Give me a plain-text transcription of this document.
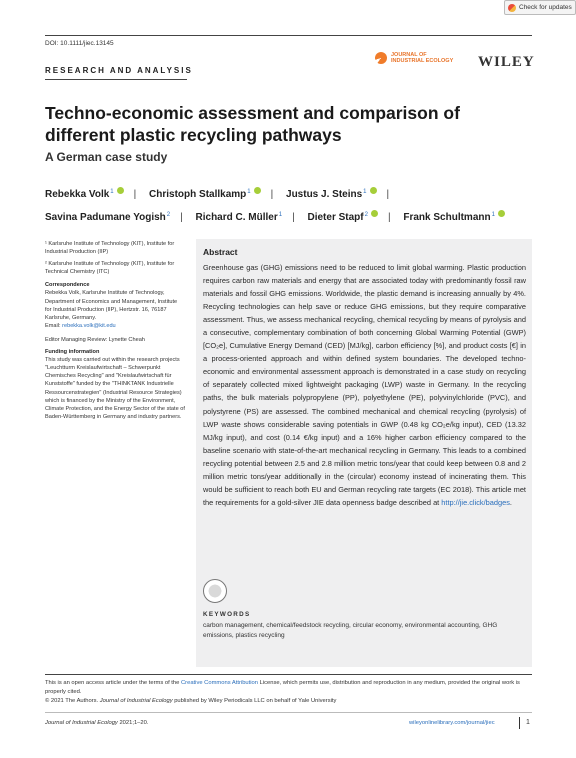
Check for updates
DOI: 10.1111/jiec.13145
JOURNAL OF
INDUSTRIAL ECOLOGY WILEY
RESEARCH AND ANALYSIS
Techno-economic assessment and comparison of different plastic recycling pathways
A German case study
Rebekka Volk 1 | Christoph Stallkamp 1 | Justus J. Steins 1 |

Savina Padumane Yogish 2 | Richard C. Müller 1 | Dieter Stapf 2 | Frank Schultmann 1

¹ Karlsruhe Institute of Technology (KIT), Institute for Industrial Production (IIP)

² Karlsruhe Institute of Technology (KIT), Institute for Technical Chemistry (ITC)

Correspondence

Rebekka Volk, Karlsruhe Institute of Technology, Department of Economics and Management, Institute for Industrial Production (IIP), Hertzstr. 16, 76187 Karlsruhe, Germany.
Email: rebekka.volk@kit.edu

Editor Managing Review: Lynette Cheah

Funding information

This study was carried out within the research projects "Leuchtturm Kreislaufwirtschaft – Schwerpunkt Chemisches Recycling" and "Kreislaufwirtschaft für Kunststoffe" funded by the "THINKTANK Industrielle Ressourcenstrategien" (Industrial Resource Strategies) which is financed by the Ministry of the Environment, Climate Protection, and the Energy Sector of the state of Baden-Württemberg in Germany and industry partners.

Abstract
Greenhouse gas (GHG) emissions need to be reduced to limit global warming. Plastic production requires carbon raw materials and energy that are associated today with predominantly fossil raw materials and fossil GHG emissions. Worldwide, the plastic demand is increasing annually by 4%. Recycling technologies can help save or reduce GHG emissions, but they require comparative assessment. Thus, we assess mechanical recycling, chemical recycling by means of pyrolysis and a consecutive, complementary combination of both concerning Global Warming Potential (GWP) [CO₂e], Cumulative Energy Demand (CED) [MJ/kg], carbon efficiency [%], and product costs [€] in a process-oriented approach and within defined system boundaries. The developed techno-economic and environmental assessment approach is demonstrated in a case study on recycling of separately collected mixed lightweight packaging (LWP) waste in Germany. In the recycling paths, the bulk materials polypropylene (PP), polyethylene (PE), polyvinylchloride (PVC), and polystyrene (PS) are assessed. The combined mechanical and chemical recycling (pyrolysis) of LWP waste shows considerable saving potentials in GWP (0.48 kg CO₂e/kg input), CED (13.32 MJ/kg input), and cost (0.14 €/kg input) and a 16% higher carbon efficiency compared to the baseline scenario with state-of-the-art mechanical recycling in Germany. This leads to a combined recycling potential between 2.5 and 2.8 million metric tons/year that could keep between 0.8 and 2 million metric tons/year additionally in the (circular) economy instead of incinerating them. This would be sufficient to reach both EU and German recycling rate targets (EC 2018). This article met the requirements for a gold-silver JIE data openness badge described at http://jie.click/badges.
KEYWORDS
carbon management, chemical/feedstock recycling, circular economy, environmental accounting, GHG emissions, plastics recycling
This is an open access article under the terms of the Creative Commons Attribution License, which permits use, distribution and reproduction in any medium, provided the original work is properly cited.
© 2021 The Authors. Journal of Industrial Ecology published by Wiley Periodicals LLC on behalf of Yale University
Journal of Industrial Ecology 2021;1–20.	wileyonlinelibrary.com/journal/jiec	1
